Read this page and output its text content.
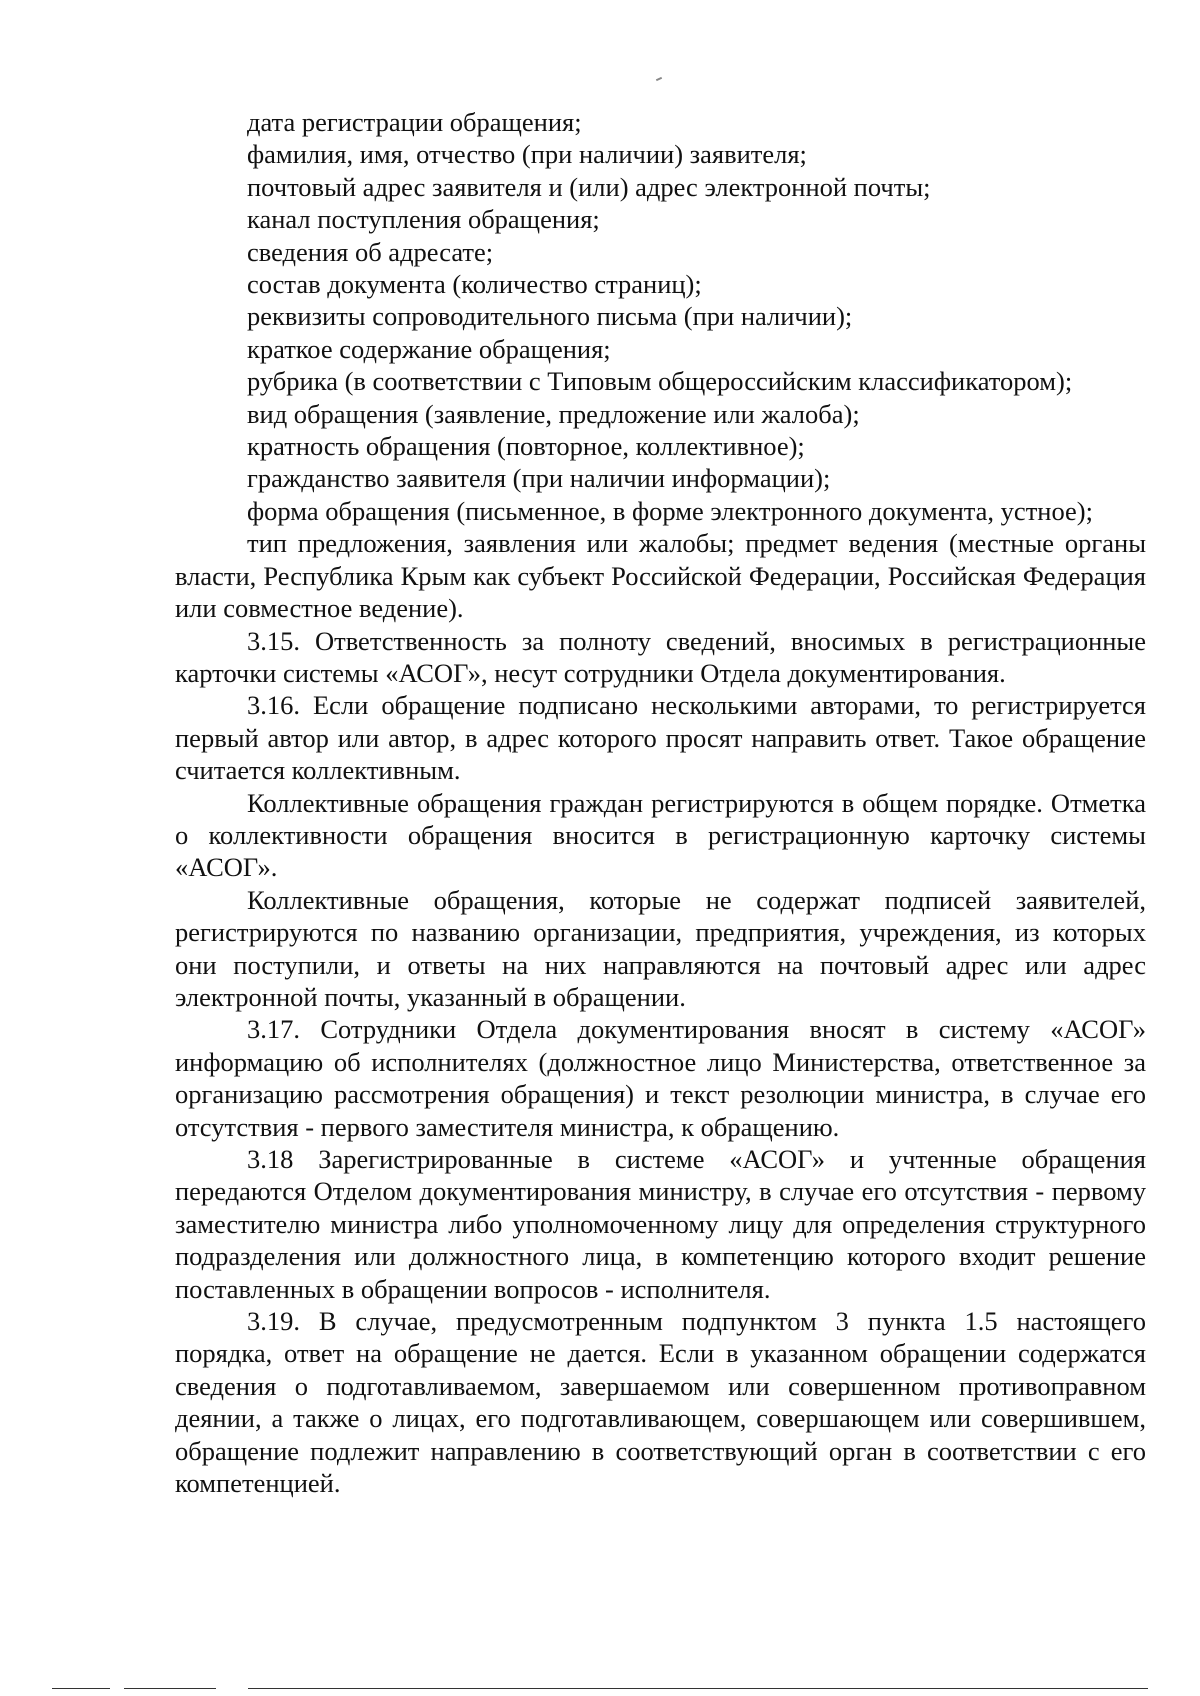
дата регистрации обращения;

фамилия, имя, отчество (при наличии) заявителя;

почтовый адрес заявителя и (или) адрес электронной почты;

канал поступления обращения;

сведения об адресате;

состав документа (количество страниц);

реквизиты сопроводительного письма (при наличии);

краткое содержание обращения;

рубрика (в соответствии с Типовым общероссийским классификатором);

вид обращения (заявление, предложение или жалоба);

кратность обращения (повторное, коллективное);

гражданство заявителя (при наличии информации);

форма обращения (письменное, в форме электронного документа, устное);

тип предложения, заявления или жалобы; предмет ведения (местные органы власти, Республика Крым как субъект Российской Федерации, Российская Федерация или совместное ведение).

3.15. Ответственность за полноту сведений, вносимых в регистрационные карточки системы «АСОГ», несут сотрудники Отдела документирования.

3.16. Если обращение подписано несколькими авторами, то регистрируется первый автор или автор, в адрес которого просят направить ответ. Такое обращение считается коллективным.

Коллективные обращения граждан регистрируются в общем порядке. Отметка о коллективности обращения вносится в регистрационную карточку системы «АСОГ».

Коллективные обращения, которые не содержат подписей заявителей, регистрируются по названию организации, предприятия, учреждения, из которых они поступили, и ответы на них направляются на почтовый адрес или адрес электронной почты, указанный в обращении.

3.17. Сотрудники Отдела документирования вносят в систему «АСОГ» информацию об исполнителях (должностное лицо Министерства, ответственное за организацию рассмотрения обращения) и текст резолюции министра, в случае его отсутствия - первого заместителя министра, к обращению.

3.18 Зарегистрированные в системе «АСОГ» и учтенные обращения передаются Отделом документирования министру, в случае его отсутствия - первому заместителю министра либо уполномоченному лицу для определения структурного подразделения или должностного лица, в компетенцию которого входит решение поставленных в обращении вопросов - исполнителя.

3.19. В случае, предусмотренным подпунктом 3 пункта 1.5 настоящего порядка, ответ на обращение не дается. Если в указанном обращении содержатся сведения о подготавливаемом, завершаемом или совершенном противоправном деянии, а также о лицах, его подготавливающем, совершающем или совершившем, обращение подлежит направлению в соответствующий орган в соответствии с его компетенцией.
